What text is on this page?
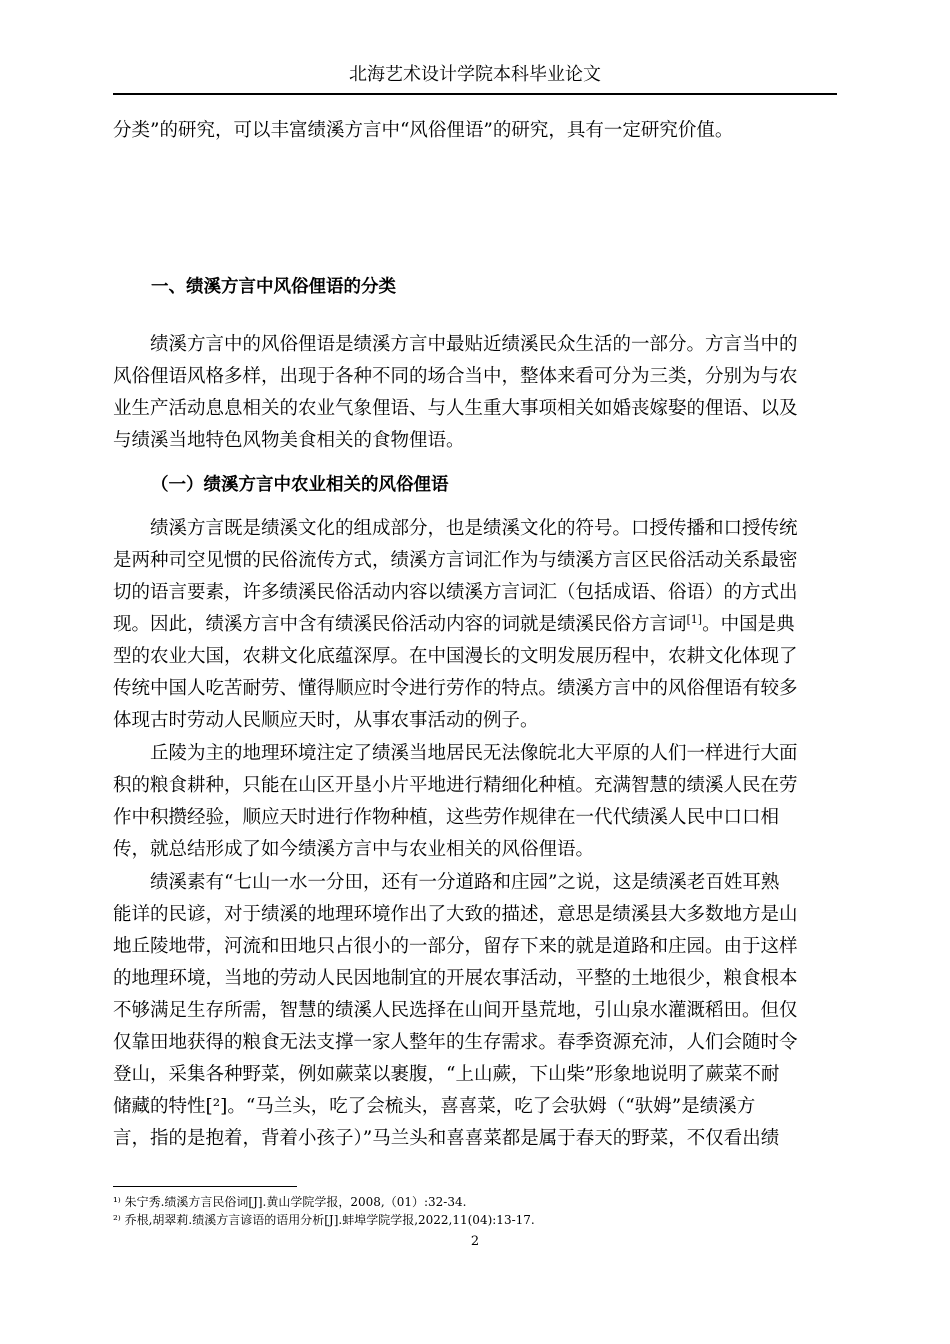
北海艺术设计学院本科毕业论文
分类”的研究，可以丰富绩溪方言中“风俗俚语”的研究，具有一定研究价值。
一、绩溪方言中风俗俚语的分类
　　绩溪方言中的风俗俚语是绩溪方言中最贴近绩溪民众生活的一部分。方言当中的
风俗俚语风格多样，出现于各种不同的场合当中，整体来看可分为三类，分别为与农
业生产活动息息相关的农业气象俚语、与人生重大事项相关如婚丧嫁娶的俚语、以及
与绩溪当地特色风物美食相关的食物俚语。
（一）绩溪方言中农业相关的风俗俚语
　　绩溪方言既是绩溪文化的组成部分，也是绩溪文化的符号。口授传播和口授传统
是两种司空见惯的民俗流传方式，绩溪方言词汇作为与绩溪方言区民俗活动关系最密
切的语言要素，许多绩溪民俗活动内容以绩溪方言词汇（包括成语、俗语）的方式出
现。因此，绩溪方言中含有绩溪民俗活动内容的词就是绩溪民俗方言词[1]。中国是典
型的农业大国，农耕文化底蕴深厚。在中国漫长的文明发展历程中，农耕文化体现了
传统中国人吃苦耐劳、懂得顺应时令进行劳作的特点。绩溪方言中的风俗俚语有较多
体现古时劳动人民顺应天时，从事农事活动的例子。
　　丘陵为主的地理环境注定了绩溪当地居民无法像皖北大平原的人们一样进行大面
积的粮食耕种，只能在山区开垦小片平地进行精细化种植。充满智慧的绩溪人民在劳
作中积攒经验，顺应天时进行作物种植，这些劳作规律在一代代绩溪人民中口口相
传，就总结形成了如今绩溪方言中与农业相关的风俗俚语。
　　绩溪素有“七山一水一分田，还有一分道路和庄园”之说，这是绩溪老百姓耳熟
能详的民谚，对于绩溪的地理环境作出了大致的描述，意思是绩溪县大多数地方是山
地丘陵地带，河流和田地只占很小的一部分，留存下来的就是道路和庄园。由于这样
的地理环境，当地的劳动人民因地制宜的开展农事活动，平整的土地很少，粮食根本
不够满足生存所需，智慧的绩溪人民选择在山间开垦荒地，引山泉水灌溉稻田。但仅
仅靠田地获得的粮食无法支撑一家人整年的生存需求。春季资源充沛，人们会随时令
登山，采集各种野菜，例如蕨菜以裹腹，“上山蕨，下山柴”形象地说明了蕨菜不耐
储藏的特性[²]。“马兰头，吃了会梳头，喜喜菜，吃了会驮姆（“驮姆”是绩溪方
言，指的是抱着，背着小孩子）”马兰头和喜喜菜都是属于春天的野菜，不仅看出绩
¹⁾ 朱宁秀.绩溪方言民俗词[J].黄山学院学报，2008,（01）:32-34.
²⁾ 乔根,胡翠莉.绩溪方言谚语的语用分析[J].蚌埠学院学报,2022,11(04):13-17.
2
